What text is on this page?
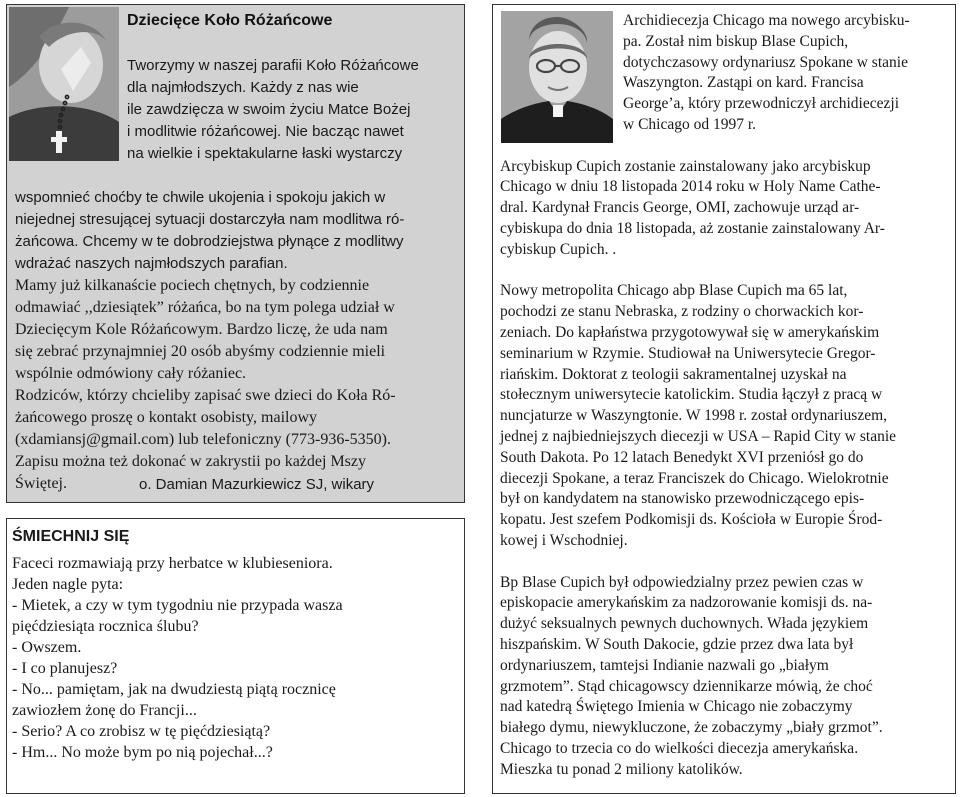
Dziecięce Koło Różańcowe
Tworzymy w naszej parafii Koło Różańcowe
dla najmłodszych. Każdy z nas wie
ile zawdzięcza w swoim życiu Matce Bożej
i modlitwie różańcowej. Nie bacząc nawet
na wielkie i spektakularne łaski wystarczy
wspomnieć choćby te chwile ukojenia i spokoju jakich w
niejednej stresującej sytuacji dostarczyła nam modlitwa ró-
żańcowa. Chcemy w te dobrodziejstwa płynące z modlitwy
wdrażać naszych najmłodszych parafian.
Mamy już kilkanaście pociech chętnych, by codziennie
odmawiać ,,dziesiątek” różańca, bo na tym polega udział w
Dziecięcym Kole Różańcowym. Bardzo liczę, że uda nam
się zebrać przynajmniej 20 osób abyśmy codziennie mieli
wspólnie odmówiony cały różaniec.
Rodziców, którzy chcieliby zapisać swe dzieci do Koła Ró-
żańcowego proszę o kontakt osobisty, mailowy
(xdamiansj@gmail.com) lub telefoniczny (773-936-5350).
Zapisu można też dokonać w zakrystii po każdej Mszy
Świętej.	o. Damian Mazurkiewicz SJ, wikary
ŚMIECHNIJ SIĘ
Faceci rozmawiają przy herbatce w klubieseniora.
Jeden nagle pyta:
- Mietek, a czy w tym tygodniu nie przypada wasza
pięćdziesiąta rocznica ślubu?
- Owszem.
- I co planujesz?
- No... pamiętam, jak na dwudziestą piątą rocznicę
zawiozłem żonę do Francji...
- Serio? A co zrobisz w tę pięćdziesiątą?
- Hm... No może bym po nią pojechał...?
Archidiecezja Chicago ma nowego arcybisku-
pa. Został nim biskup Blase Cupich,
dotychczasowy ordynariusz Spokane w stanie
Waszyngton. Zastąpi on kard. Francisa
George’a, który przewodniczył archidiecezji
w Chicago od 1997 r.
Arcybiskup Cupich zostanie zainstalowany jako arcybiskup
Chicago w dniu 18 listopada 2014 roku w Holy Name Cathe-
dral. Kardynał Francis George, OMI, zachowuje urząd ar-
cybiskupa do dnia 18 listopada, aż zostanie zainstalowany Ar-
cybiskup Cupich. .
Nowy metropolita Chicago abp Blase Cupich ma 65 lat,
pochodzi ze stanu Nebraska, z rodziny o chorwackich kor-
zeniach. Do kapłaństwa przygotowywał się w amerykańskim
seminarium w Rzymie. Studiował na Uniwersytecie Gregor-
riańskim. Doktorat z teologii sakramentalnej uzyskał na
stołecznym uniwersytecie katolickim. Studia łączył z pracą w
nuncjaturze w Waszyngtonie. W 1998 r. został ordynariuszem,
jednej z najbiedniejszych diecezji w USA – Rapid City w stanie
South Dakota. Po 12 latach Benedykt XVI przeniósł go do
diecezji Spokane, a teraz Franciszek do Chicago. Wielokrotnie
był on kandydatem na stanowisko przewodniczącego epis-
kopatu. Jest szefem Podkomisji ds. Kościoła w Europie Środ-
kowej i Wschodniej.
Bp Blase Cupich był odpowiedzialny przez pewien czas w
episkopacie amerykańskim za nadzorowanie komisji ds. na-
dużyć seksualnych pewnych duchownych. Włada językiem
hiszpańskim. W South Dakocie, gdzie przez dwa lata był
ordynariuszem, tamtejsi Indianie nazwali go „białym
grzmotem”. Stąd chicagowscy dziennikarze mówią, że choć
nad katedrą Świętego Imienia w Chicago nie zobaczymy
białego dymu, niewykluczone, że zobaczymy „biały grzmot”.
Chicago to trzecia co do wielkości diecezja amerykańska.
Mieszka tu ponad 2 miliony katolików.
